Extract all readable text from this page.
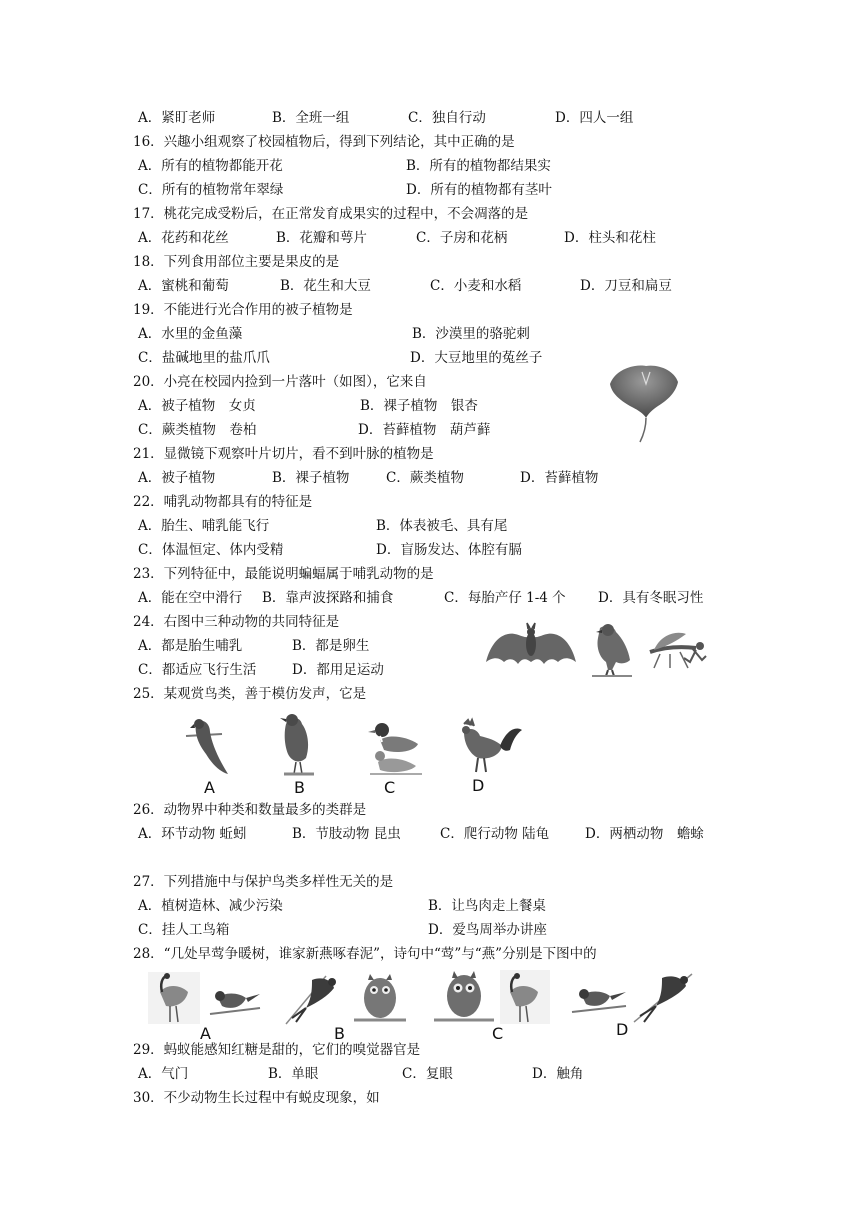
A．紧盯老师	B．全班一组	C．独自行动	D．四人一组
16．兴趣小组观察了校园植物后，得到下列结论，其中正确的是
A．所有的植物都能开花	B．所有的植物都结果实
C．所有的植物常年翠绿	D．所有的植物都有茎叶
17．桃花完成受粉后，在正常发育成果实的过程中，不会凋落的是
A．花药和花丝	B．花瓣和萼片	C．子房和花柄	D．柱头和花柱
18．下列食用部位主要是果皮的是
A．蜜桃和葡萄	B．花生和大豆	C．小麦和水稻	D．刀豆和扁豆
19．不能进行光合作用的被子植物是
A．水里的金鱼藻	B．沙漠里的骆驼刺
C．盐碱地里的盐爪爪	D．大豆地里的菟丝子
20．小亮在校园内捡到一片落叶（如图），它来自
A．被子植物　女贞	B．裸子植物　银杏
C．蕨类植物　卷柏	D．苔藓植物　葫芦藓
21．显微镜下观察叶片切片，看不到叶脉的植物是
A．被子植物	B．裸子植物	C．蕨类植物	D．苔藓植物
22．哺乳动物都具有的特征是
A．胎生、哺乳能飞行	B．体表被毛、具有尾
C．体温恒定、体内受精	D．盲肠发达、体腔有膈
23．下列特征中，最能说明蝙蝠属于哺乳动物的是
A．能在空中滑行 B．靠声波探路和捕食	C．每胎产仔 1-4 个 D．具有冬眠习性
24．右图中三种动物的共同特征是
A．都是胎生哺乳	B．都是卵生
C．都适应飞行生活	D．都用足运动
25．某观赏鸟类，善于模仿发声，它是
A	B	C	D
26．动物界中种类和数量最多的类群是
A．环节动物 蚯蚓	B．节肢动物 昆虫	C．爬行动物 陆龟	D．两栖动物　蟾蜍
27．下列措施中与保护鸟类多样性无关的是
A．植树造林、减少污染	B．让鸟肉走上餐桌
C．挂人工鸟箱	D．爱鸟周举办讲座
28．“几处早莺争暖树，谁家新燕啄春泥”，诗句中“莺”与“燕”分别是下图中的
A	B	C	D
29．蚂蚁能感知红糖是甜的，它们的嗅觉器官是
A．气门	B．单眼	C．复眼	D．触角
30．不少动物生长过程中有蜕皮现象，如
